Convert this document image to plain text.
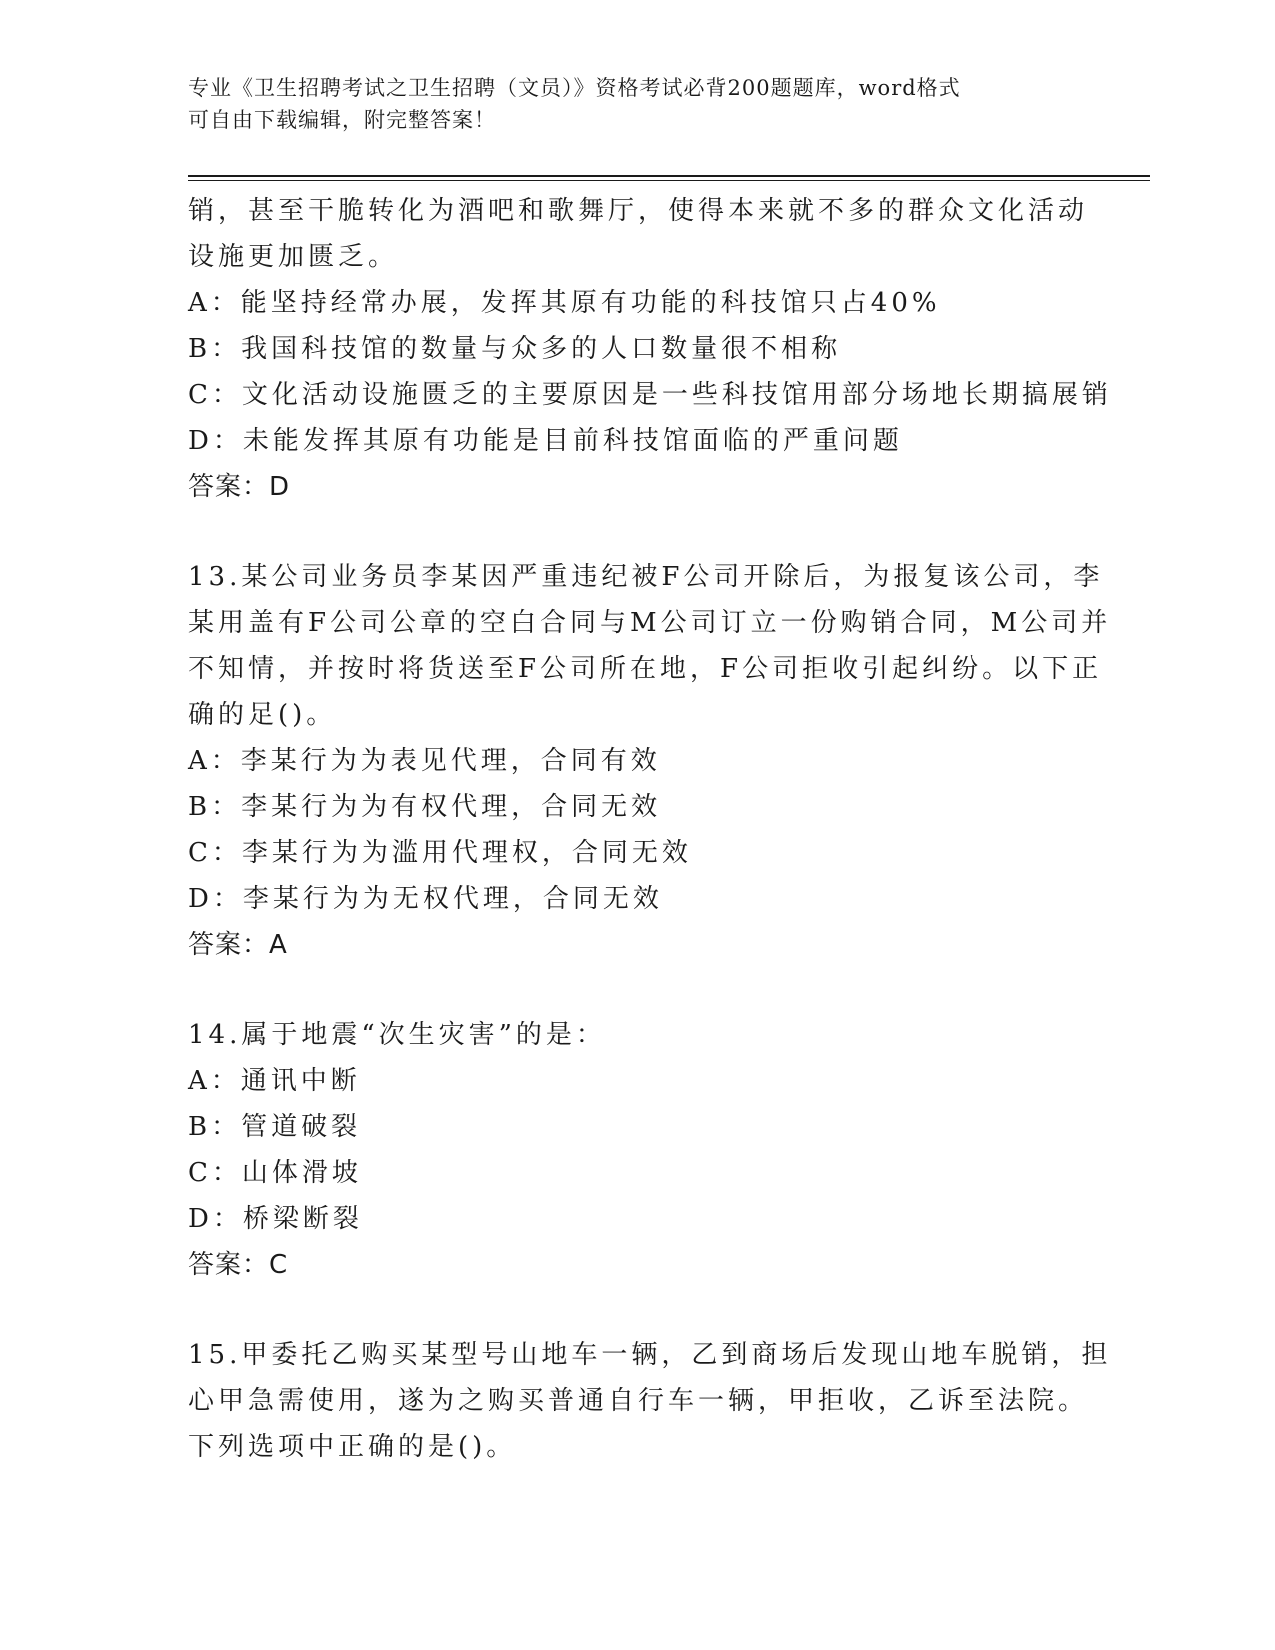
专业《卫生招聘考试之卫生招聘（文员）》资格考试必背200题题库，word格式
可自由下载编辑，附完整答案！
销，甚至干脆转化为酒吧和歌舞厅，使得本来就不多的群众文化活动
设施更加匮乏。
A：能坚持经常办展，发挥其原有功能的科技馆只占40%
B：我国科技馆的数量与众多的人口数量很不相称
C：文化活动设施匮乏的主要原因是一些科技馆用部分场地长期搞展销
D：未能发挥其原有功能是目前科技馆面临的严重问题
答案：D
13.某公司业务员李某因严重违纪被F公司开除后，为报复该公司，李
某用盖有F公司公章的空白合同与M公司订立一份购销合同，M公司并
不知情，并按时将货送至F公司所在地，F公司拒收引起纠纷。以下正
确的足()。
A：李某行为为表见代理，合同有效
B：李某行为为有权代理，合同无效
C：李某行为为滥用代理权，合同无效
D：李某行为为无权代理，合同无效
答案：A
14.属于地震“次生灾害”的是：
A：通讯中断
B：管道破裂
C：山体滑坡
D：桥梁断裂
答案：C
15.甲委托乙购买某型号山地车一辆，乙到商场后发现山地车脱销，担
心甲急需使用，遂为之购买普通自行车一辆，甲拒收，乙诉至法院。
下列选项中正确的是()。
